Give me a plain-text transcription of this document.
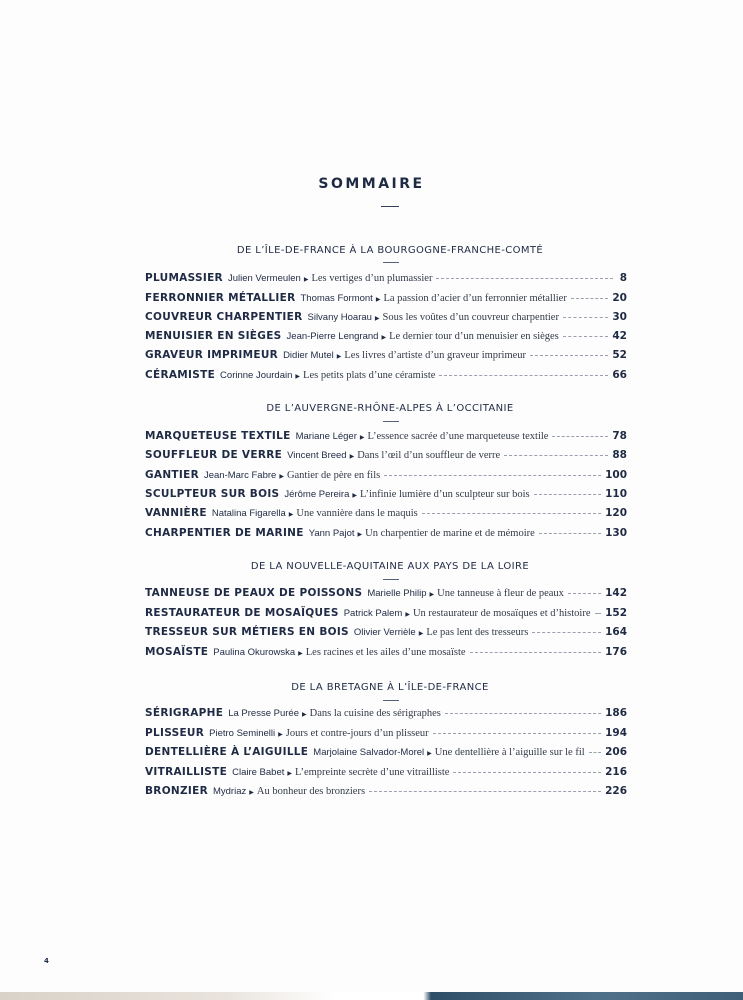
SOMMAIRE
DE L’ÎLE-DE-FRANCE À LA BOURGOGNE-FRANCHE-COMTÉ
PLUMASSIER Julien Vermeulen ▶ Les vertiges d’un plumassier	8
FERRONNIER MÉTALLIER Thomas Formont ▶ La passion d’acier d’un ferronnier métallier	20
COUVREUR CHARPENTIER Silvany Hoarau ▶ Sous les voûtes d’un couvreur charpentier	30
MENUISIER EN SIÈGES Jean-Pierre Lengrand ▶ Le dernier tour d’un menuisier en sièges	42
GRAVEUR IMPRIMEUR Didier Mutel ▶ Les livres d’artiste d’un graveur imprimeur	52
CÉRAMISTE Corinne Jourdain ▶ Les petits plats d’une céramiste	66
DE L’AUVERGNE-RHÔNE-ALPES À L’OCCITANIE
MARQUETEUSE TEXTILE Mariane Léger ▶ L’essence sacrée d’une marqueteuse textile	78
SOUFFLEUR DE VERRE Vincent Breed ▶ Dans l’œil d’un souffleur de verre	88
GANTIER Jean-Marc Fabre ▶ Gantier de père en fils	100
SCULPTEUR SUR BOIS Jérôme Pereira ▶ L’infinie lumière d’un sculpteur sur bois	110
VANNIÈRE Natalina Figarella ▶ Une vannière dans le maquis	120
CHARPENTIER DE MARINE Yann Pajot ▶ Un charpentier de marine et de mémoire	130
DE LA NOUVELLE-AQUITAINE AUX PAYS DE LA LOIRE
TANNEUSE DE PEAUX DE POISSONS Marielle Philip ▶ Une tanneuse à fleur de peaux	142
RESTAURATEUR DE MOSAÏQUES Patrick Palem ▶ Un restaurateur de mosaïques et d’histoire 152
TRESSEUR SUR MÉTIERS EN BOIS Olivier Verrièle ▶ Le pas lent des tresseurs	164
MOSAÏSTE Paulina Okurowska ▶ Les racines et les ailes d’une mosaïste	176
DE LA BRETAGNE À L’ÎLE-DE-FRANCE
SÉRIGRAPHE La Presse Purée ▶ Dans la cuisine des sérigraphes	186
PLISSEUR Pietro Seminelli ▶ Jours et contre-jours d’un plisseur	194
DENTELLIÈRE À L’AIGUILLE Marjolaine Salvador-Morel ▶ Une dentellière à l’aiguille sur le fil 206
VITRAILLISTE Claire Babet ▶ L’empreinte secrète d’une vitrailliste	216
BRONZIER Mydriaz ▶ Au bonheur des bronziers	226
4
